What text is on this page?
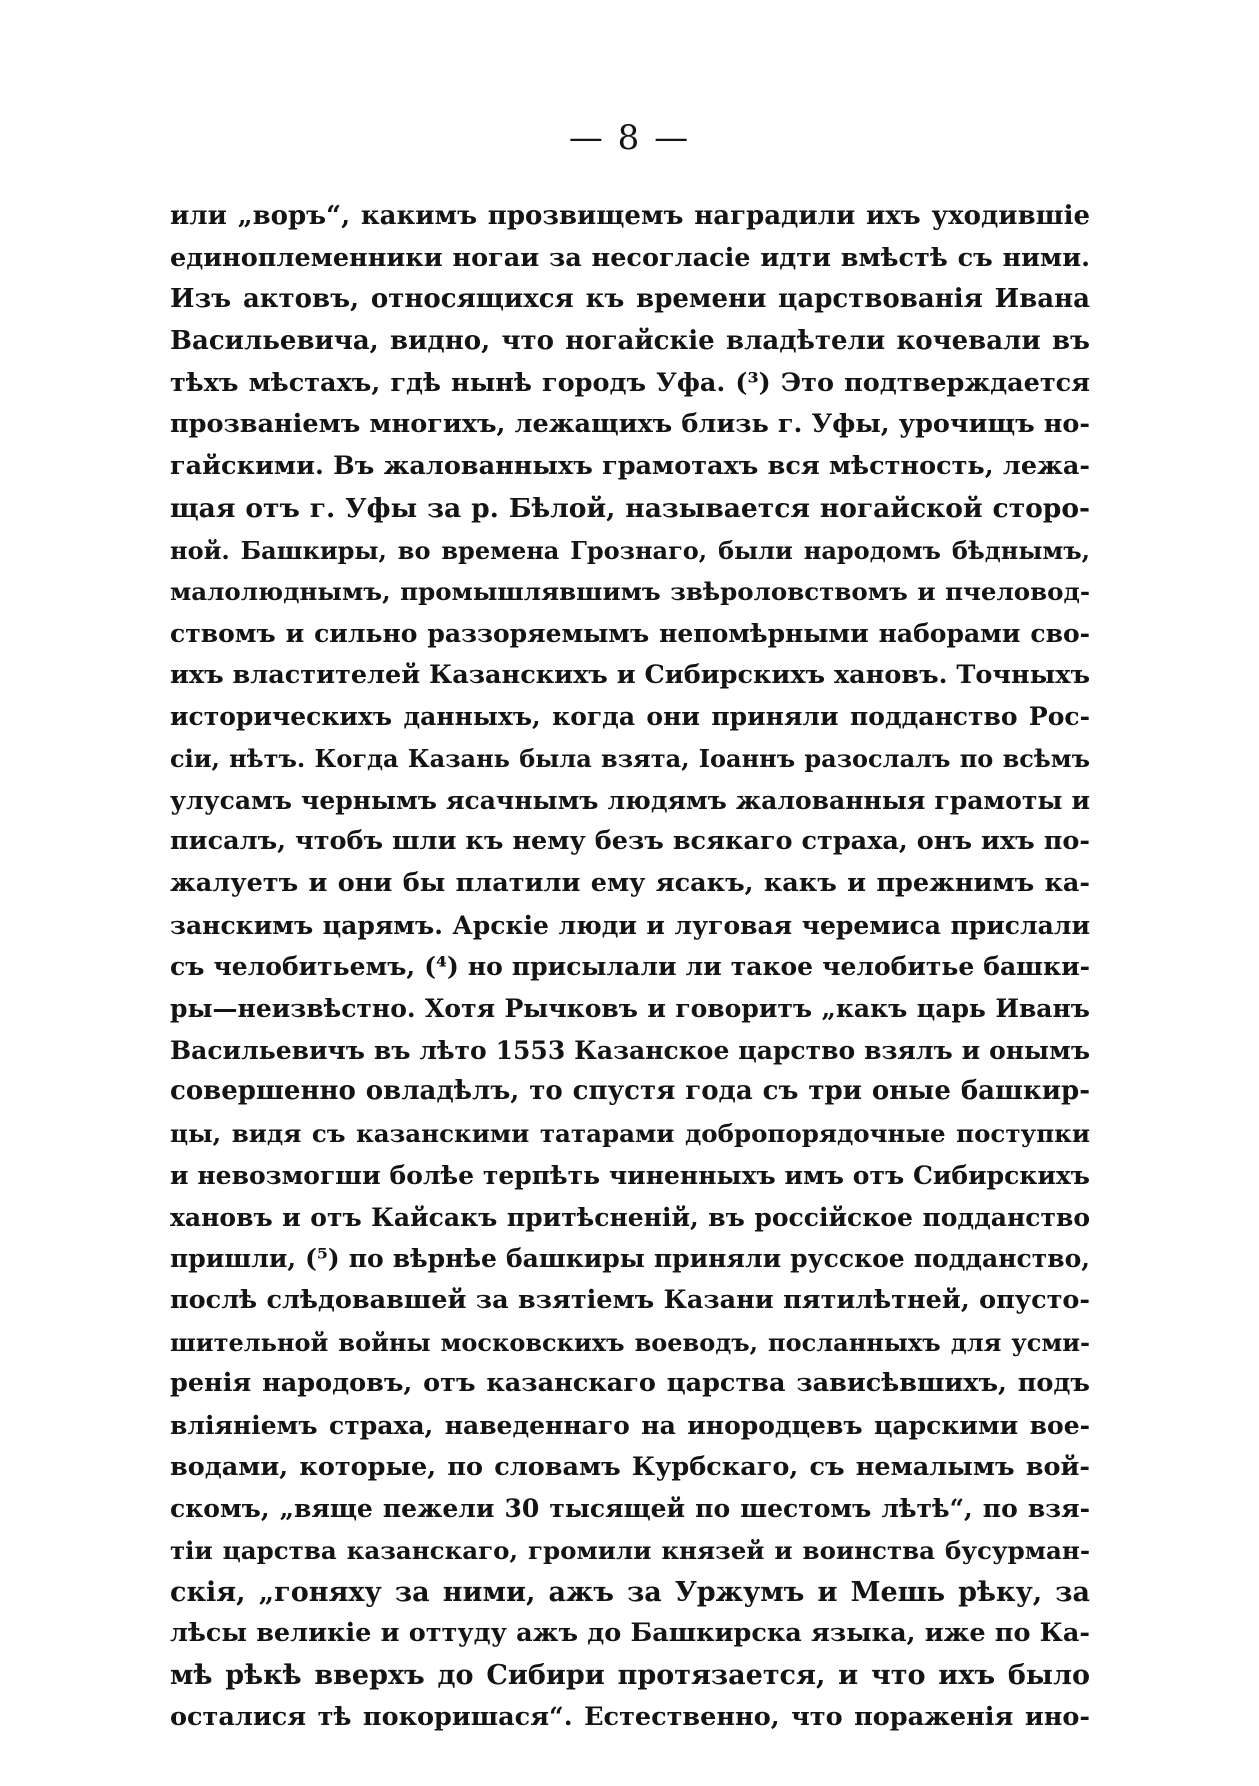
— 8 —
или „воръ“, какимъ прозвищемъ наградили ихъ уходившіе
единоплеменники ногаи за несогласіе идти вмѣстѣ съ ними.
Изъ актовъ, относящихся къ времени царствованія Ивана
Васильевича, видно, что ногайскіе владѣтели кочевали въ
тѣхъ мѣстахъ, гдѣ нынѣ городъ Уфа. (³) Это подтверждается
прозваніемъ многихъ, лежащихъ близь г. Уфы, урочищъ но-
гайскими. Въ жалованныхъ грамотахъ вся мѣстность, лежа-
щая отъ г. Уфы за р. Бѣлой, называется ногайской сторо-
ной. Башкиры, во времена Грознаго, были народомъ бѣднымъ,
малолюднымъ, промышлявшимъ звѣроловствомъ и пчеловод-
ствомъ и сильно раззоряемымъ непомѣрными наборами сво-
ихъ властителей Казанскихъ и Сибирскихъ хановъ. Точныхъ
историческихъ данныхъ, когда они приняли подданство Рос-
сіи, нѣтъ. Когда Казань была взята, Іоаннъ разослалъ по всѣмъ
улусамъ чернымъ ясачнымъ людямъ жалованныя грамоты и
писалъ, чтобъ шли къ нему безъ всякаго страха, онъ ихъ по-
жалуетъ и они бы платили ему ясакъ, какъ и прежнимъ ка-
занскимъ царямъ. Арскіе люди и луговая черемиса прислали
съ челобитьемъ, (⁴) но присылали ли такое челобитье башки-
ры—неизвѣстно. Хотя Рычковъ и говоритъ „какъ царь Иванъ
Васильевичъ въ лѣто 1553 Казанское царство взялъ и онымъ
совершенно овладѣлъ, то спустя года съ три оные башкир-
цы, видя съ казанскими татарами добропорядочные поступки
и невозмогши болѣе терпѣть чиненныхъ имъ отъ Сибирскихъ
хановъ и отъ Кайсакъ притѣсненій, въ россійское подданство
пришли, (⁵) по вѣрнѣе башкиры приняли русское подданство,
послѣ слѣдовавшей за взятіемъ Казани пятилѣтней, опусто-
шительной войны московскихъ воеводъ, посланныхъ для усми-
ренія народовъ, отъ казанскаго царства зависѣвшихъ, подъ
вліяніемъ страха, наведеннаго на инородцевъ царскими вое-
водами, которые, по словамъ Курбскаго, съ немалымъ вой-
скомъ, „вяще пежели 30 тысящей по шестомъ лѣтѣ“, по взя-
тіи царства казанскаго, громили князей и воинства бусурман-
скія, „гоняху за ними, ажъ за Уржумъ и Мешь рѣку, за
лѣсы великіе и оттуду ажъ до Башкирска языка, иже по Ка-
мѣ рѣкѣ вверхъ до Сибири протязается, и что ихъ было
осталися тѣ покоришася“. Естественно, что пораженія ино-
